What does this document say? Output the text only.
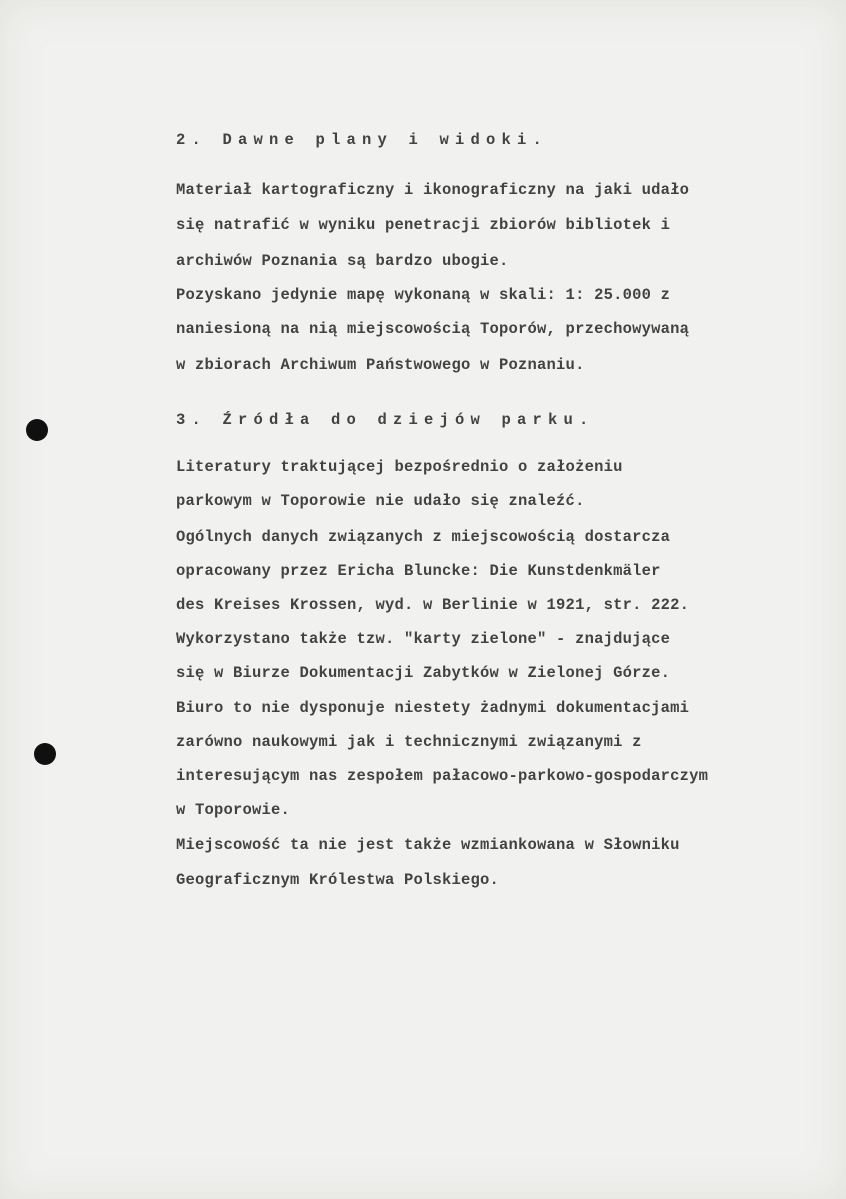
2. Dawne plany i widoki.
Materiał kartograficzny i ikonograficzny na jaki udało
się natrafić w wyniku penetracji zbiorów bibliotek i
archiwów Poznania są bardzo ubogie.
Pozyskano jedynie mapę wykonaną w skali: 1: 25.000 z
naniesioną na nią miejscowością Toporów, przechowywaną
w zbiorach Archiwum Państwowego w Poznaniu.
3. Źródła do dziejów parku.
Literatury traktującej bezpośrednio o założeniu
parkowym w Toporowie nie udało się znaleźć.
Ogólnych danych związanych z miejscowością dostarcza
opracowany przez Ericha Bluncke: Die Kunstdenkmäler
des Kreises Krossen, wyd. w Berlinie w 1921, str. 222.
Wykorzystano także tzw. "karty zielone" - znajdujące
się w Biurze Dokumentacji Zabytków w Zielonej Górze.
Biuro to nie dysponuje niestety żadnymi dokumentacjami
zarówno naukowymi jak i technicznymi związanymi z
interesującym nas zespołem pałacowo-parkowo-gospodarczym
w Toporowie.
Miejscowość ta nie jest także wzmiankowana w Słowniku
Geograficznym Królestwa Polskiego.
